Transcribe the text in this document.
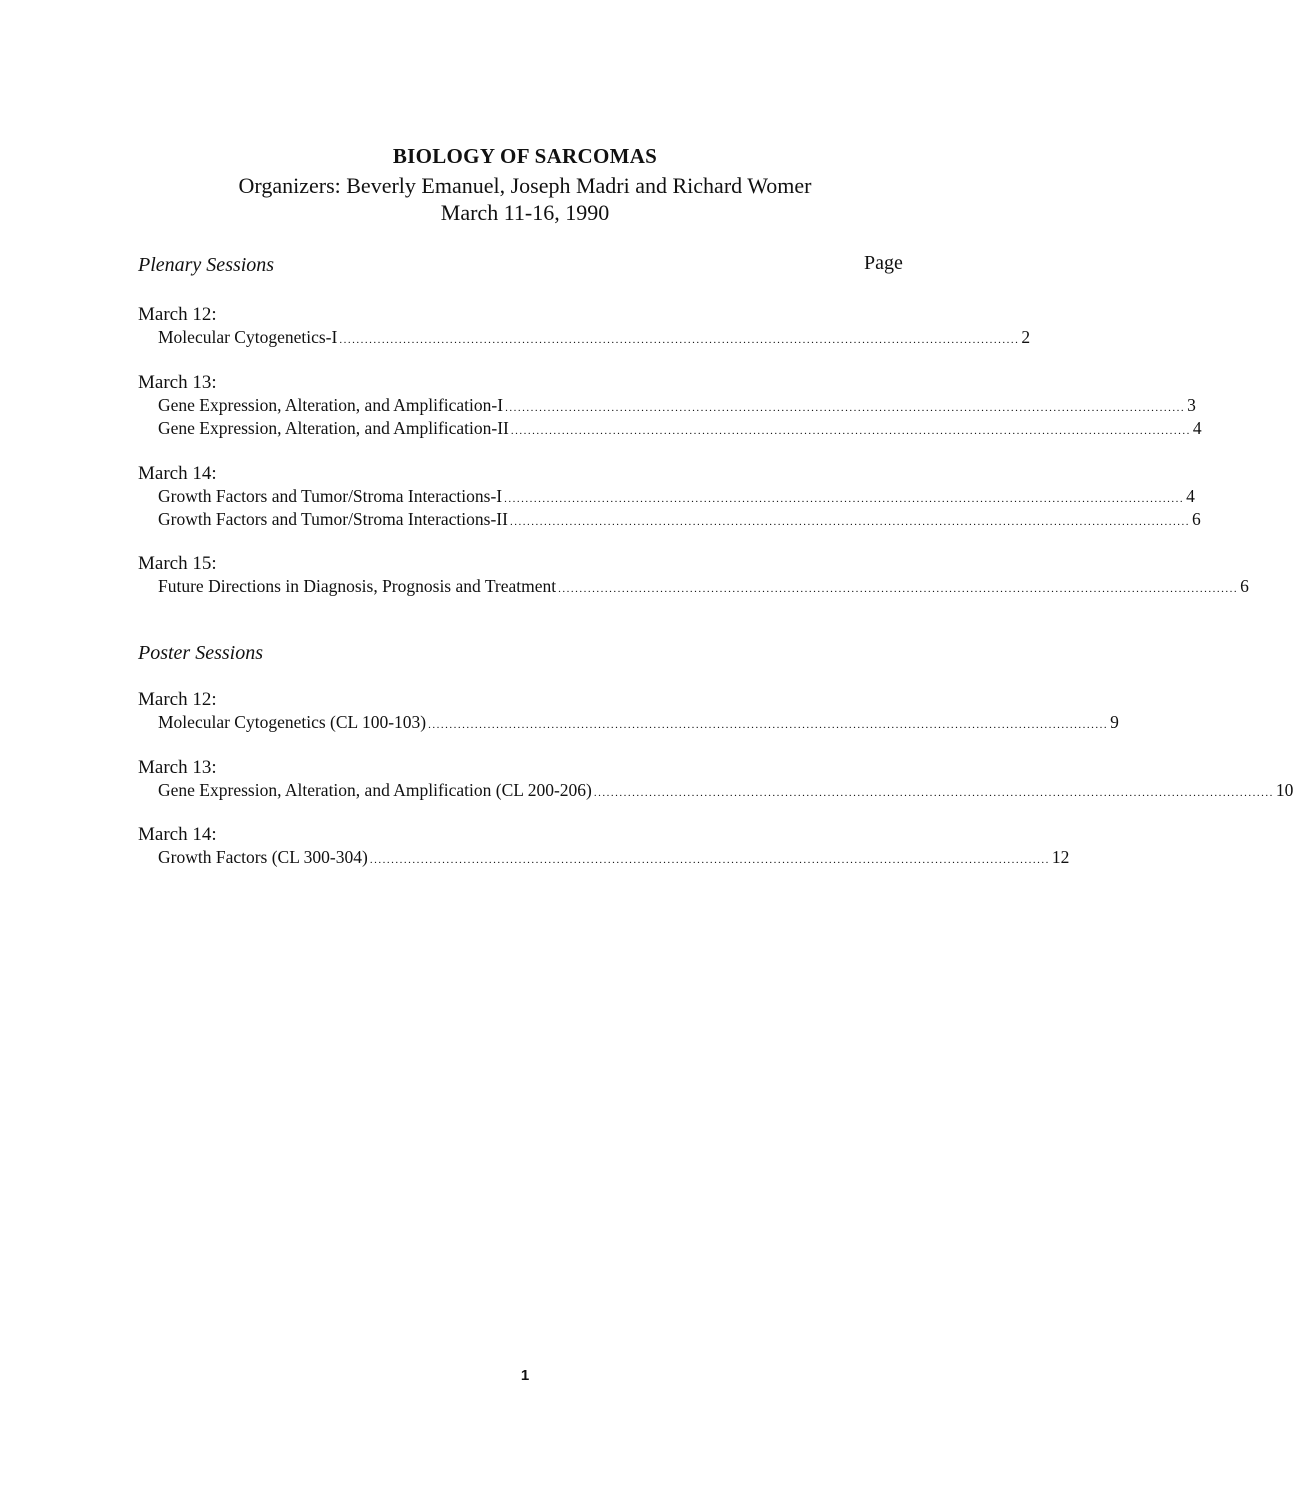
BIOLOGY OF SARCOMAS
Organizers: Beverly Emanuel, Joseph Madri and Richard Womer
March 11-16, 1990
Plenary Sessions	Page
March 12:
Molecular Cytogenetics-I ................................................................................................................................................................ 2
March 13:
Gene Expression, Alteration, and Amplification-I ................................................................................................................................................................ 3
Gene Expression, Alteration, and Amplification-II ................................................................................................................................................................ 4
March 14:
Growth Factors and Tumor/Stroma Interactions-I ................................................................................................................................................................ 4
Growth Factors and Tumor/Stroma Interactions-II ................................................................................................................................................................ 6
March 15:
Future Directions in Diagnosis, Prognosis and Treatment ................................................................................................................................................................ 6
Poster Sessions
March 12:
Molecular Cytogenetics (CL 100-103) ................................................................................................................................................................ 9
March 13:
Gene Expression, Alteration, and Amplification (CL 200-206) ................................................................................................................................................................ 10
March 14:
Growth Factors (CL 300-304) ................................................................................................................................................................ 12
1
